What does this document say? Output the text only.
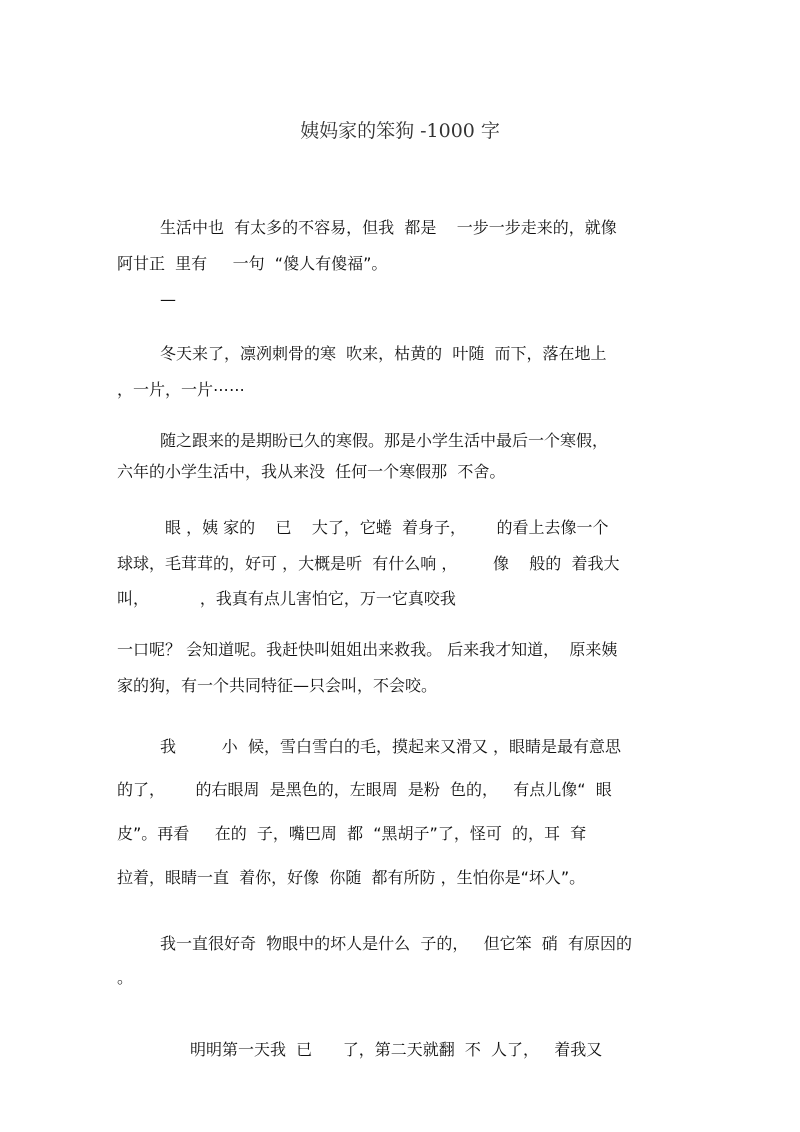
姨妈家的笨狗 -1000 字
生活中也  有太多的不容易，但我  都是    一步一步走来的，就像
阿甘正  里有     一句  “傻人有傻福”。
—
冬天来了，凛冽刺骨的寒  吹来，枯黄的  叶随  而下，落在地上
，一片，一片⋯⋯
随之跟来的是期盼已久的寒假。那是小学生活中最后一个寒假，
六年的小学生活中，我从来没  任何一个寒假那  不舍。
眼 ，姨 家的    已    大了，它蜷  着身子，      的看上去像一个
球球，毛茸茸的，好可 ，大概是听  有什么响 ，       像    般的  着我大
叫，          ，我真有点儿害怕它，万一它真咬我
一口呢？ 会知道呢。我赶快叫姐姐出来救我。 后来我才知道，  原来姨
家的狗，有一个共同特征—只会叫，不会咬。
我         小  候，雪白雪白的毛，摸起来又滑又 ，眼睛是最有意思
的了，      的右眼周  是黑色的，左眼周  是粉  色的，   有点儿像“  眼
皮”。再看     在的  子，嘴巴周  都  “黑胡子”了，怪可  的，耳  耷
拉着，眼睛一直  着你，好像  你随  都有所防 ，生怕你是“坏人”。
我一直很好奇  物眼中的坏人是什么  子的，   但它笨  硝  有原因的
。
明明第一天我  已      了，第二天就翻  不  人了，   着我又
